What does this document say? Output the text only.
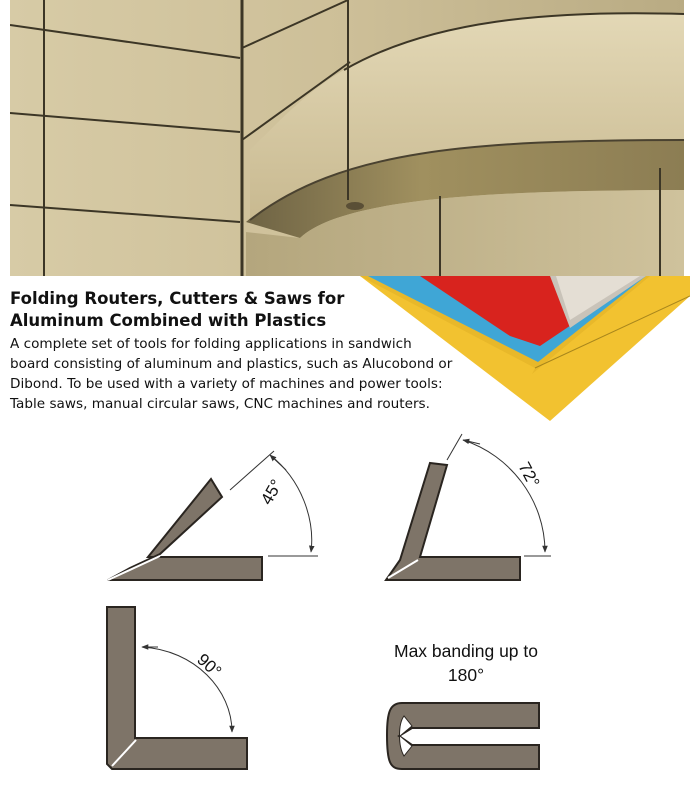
Folding Routers, Cutters & Saws for
Aluminum Combined with Plastics
A complete set of tools for folding applications in sandwich
board consisting of aluminum and plastics, such as Alucobond or
Dibond. To be used with a variety of machines and power tools:
Table saws, manual circular saws, CNC machines and routers.
45°
72°
90°	Max banding up to
180°
